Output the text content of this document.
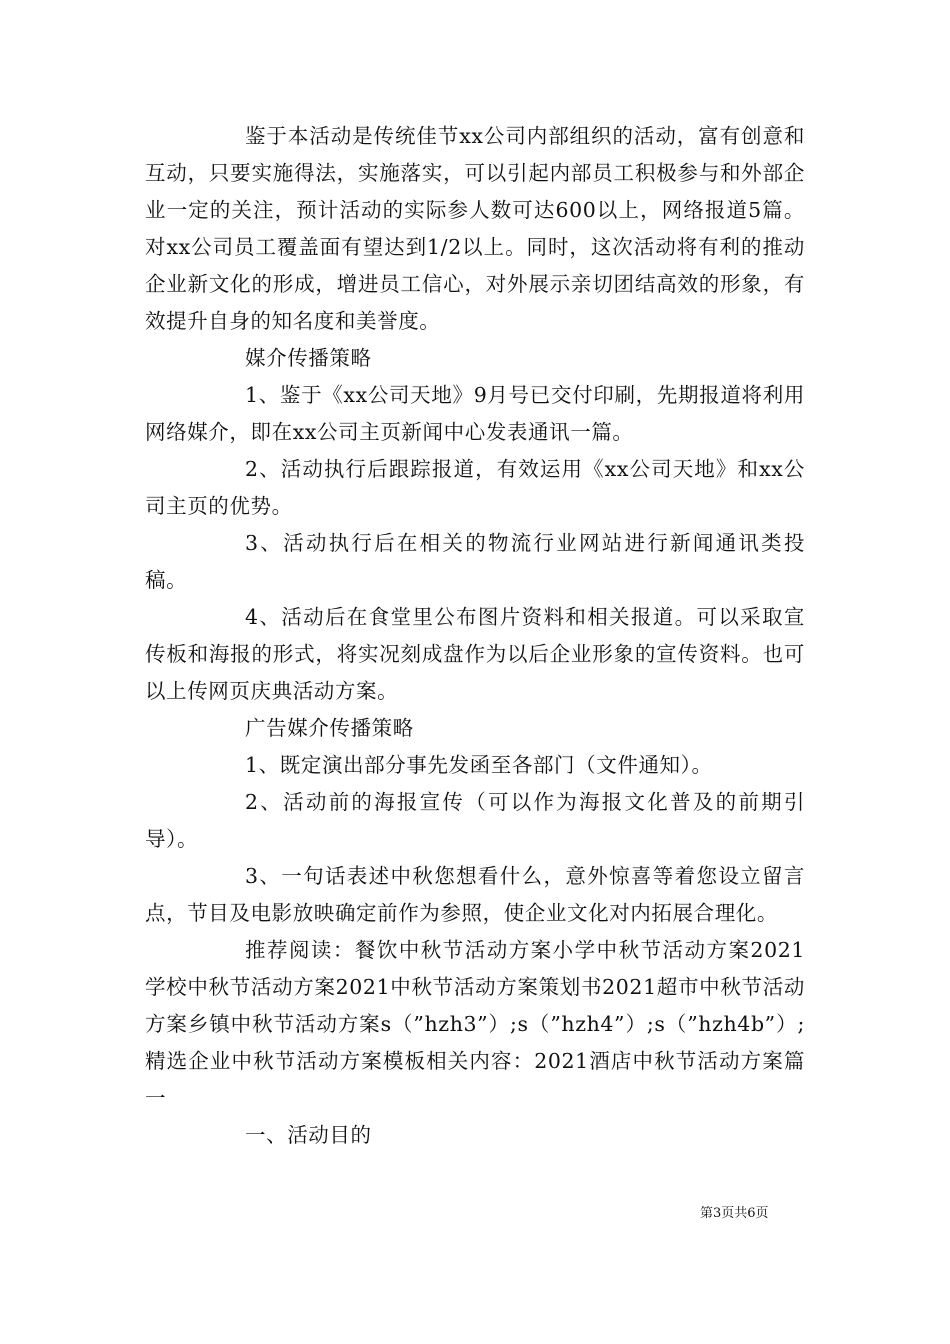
鉴于本活动是传统佳节xx公司内部组织的活动，富有创意和互动，只要实施得法，实施落实，可以引起内部员工积极参与和外部企业一定的关注，预计活动的实际参人数可达600以上，网络报道5篇。对xx公司员工覆盖面有望达到1/2以上。同时，这次活动将有利的推动企业新文化的形成，增进员工信心，对外展示亲切团结高效的形象，有效提升自身的知名度和美誉度。

媒介传播策略

1、鉴于《xx公司天地》9月号已交付印刷，先期报道将利用网络媒介，即在xx公司主页新闻中心发表通讯一篇。

2、活动执行后跟踪报道，有效运用《xx公司天地》和xx公司主页的优势。

3、活动执行后在相关的物流行业网站进行新闻通讯类投稿。

4、活动后在食堂里公布图片资料和相关报道。可以采取宣传板和海报的形式，将实况刻成盘作为以后企业形象的宣传资料。也可以上传网页庆典活动方案。

广告媒介传播策略

1、既定演出部分事先发函至各部门（文件通知）。

2、活动前的海报宣传（可以作为海报文化普及的前期引导）。

3、一句话表述中秋您想看什么，意外惊喜等着您设立留言点，节目及电影放映确定前作为参照，使企业文化对内拓展合理化。

推荐阅读：餐饮中秋节活动方案小学中秋节活动方案2021学校中秋节活动方案2021中秋节活动方案策划书2021超市中秋节活动方案乡镇中秋节活动方案s（”hzh3”）;s（”hzh4”）;s（”hzh4b”）;精选企业中秋节活动方案模板相关内容：2021酒店中秋节活动方案篇一

一、活动目的

第3页共6页
